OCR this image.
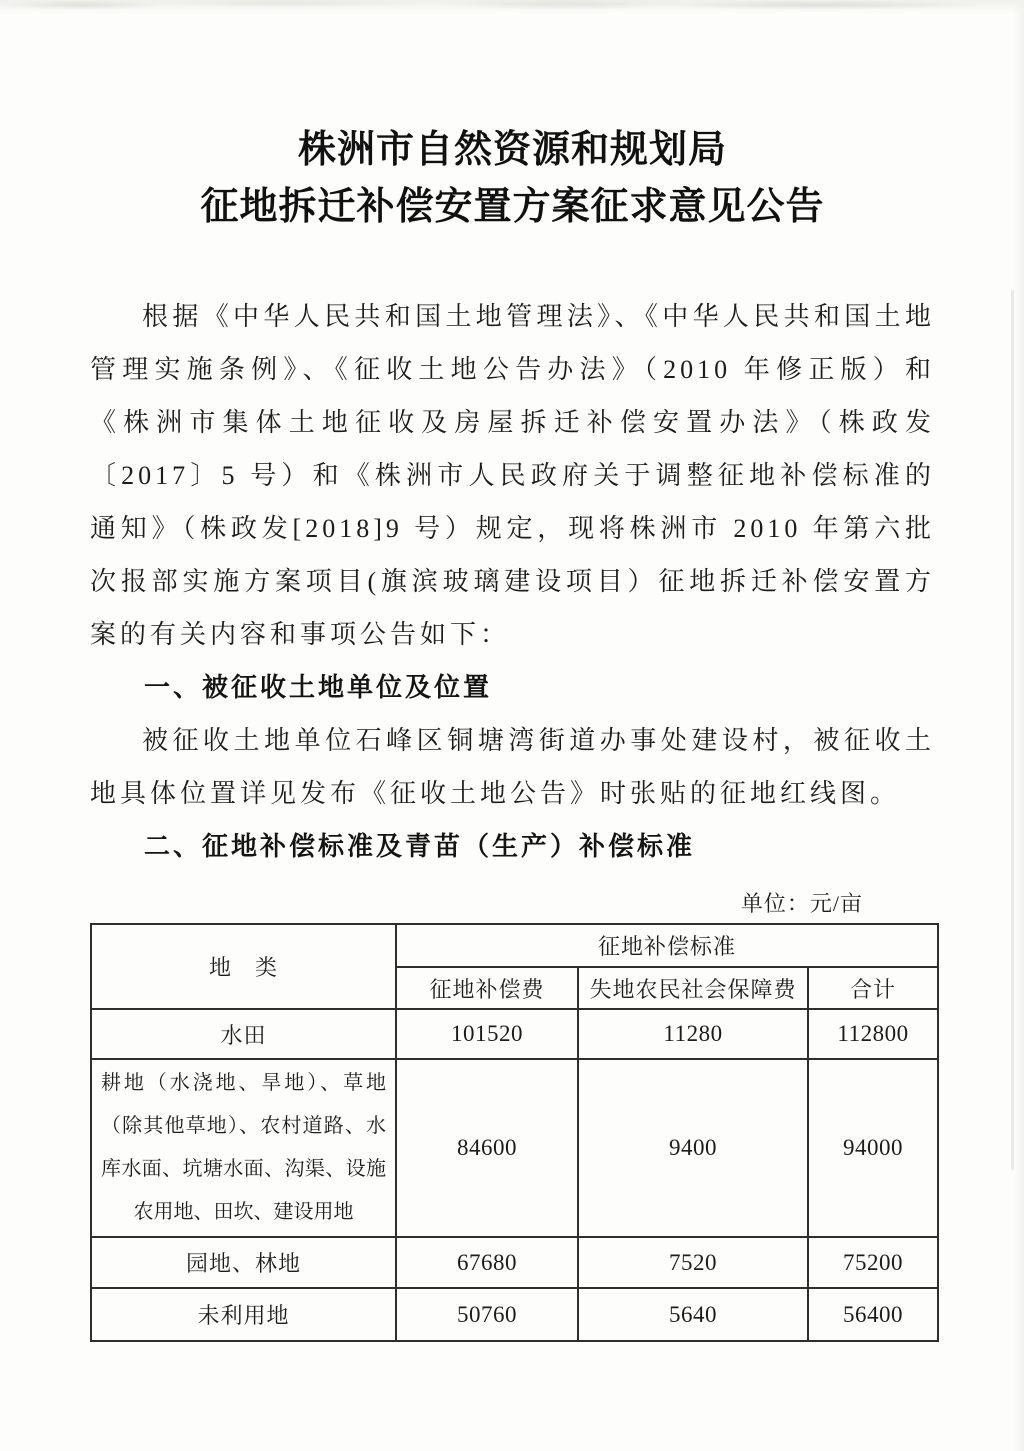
株洲市自然资源和规划局
征地拆迁补偿安置方案征求意见公告

根据《中华人民共和国土地管理法》、《中华人民共和国土地管理实施条例》、《征收土地公告办法》（2010 年修正版）和《株洲市集体土地征收及房屋拆迁补偿安置办法》（株政发〔2017〕5 号）和《株洲市人民政府关于调整征地补偿标准的通知》（株政发[2018]9 号）规定，现将株洲市 2010 年第六批次报部实施方案项目(旗滨玻璃建设项目）征地拆迁补偿安置方案的有关内容和事项公告如下：

一、被征收土地单位及位置

被征收土地单位石峰区铜塘湾街道办事处建设村，被征收土地具体位置详见发布《征收土地公告》时张贴的征地红线图。

二、征地补偿标准及青苗（生产）补偿标准
单位：元/亩
地　类	征地补偿标准		
	征地补偿费	失地农民社会保障费	合计
水田	101520	11280	112800
耕地（水浇地、旱地）、草地（除其他草地）、农村道路、水库水面、坑塘水面、沟渠、设施农用地、田坎、建设用地	84600	9400	94000
园地、林地	67680	7520	75200
未利用地	50760	5640	56400
